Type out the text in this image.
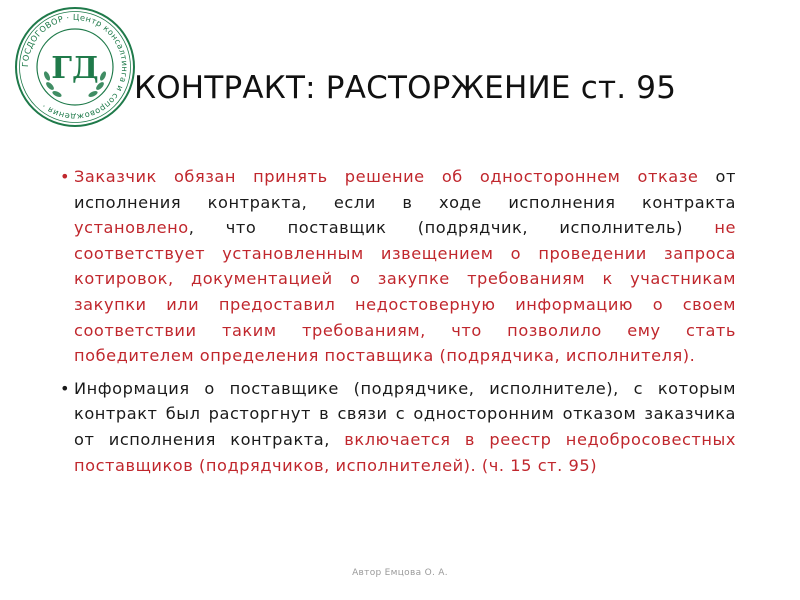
ГОСДОГОВОР · Центр консалтинга и сопровождения ·
ГД
КОНТРАКТ: РАСТОРЖЕНИЕ ст. 95

• Заказчик обязан принять решение об одностороннем отказе от исполнения контракта, если в ходе исполнения контракта установлено, что поставщик (подрядчик, исполнитель) не соответствует установленным извещением о проведении запроса котировок, документацией о закупке требованиям к участникам закупки или предоставил недостоверную информацию о своем соответствии таким требованиям, что позволило ему стать победителем определения поставщика (подрядчика, исполнителя).

• Информация о поставщике (подрядчике, исполнителе), с которым контракт был расторгнут в связи с односторонним отказом заказчика от исполнения контракта, включается в реестр недобросовестных поставщиков (подрядчиков, исполнителей). (ч. 15 ст. 95)

Автор Емцова О. А.
